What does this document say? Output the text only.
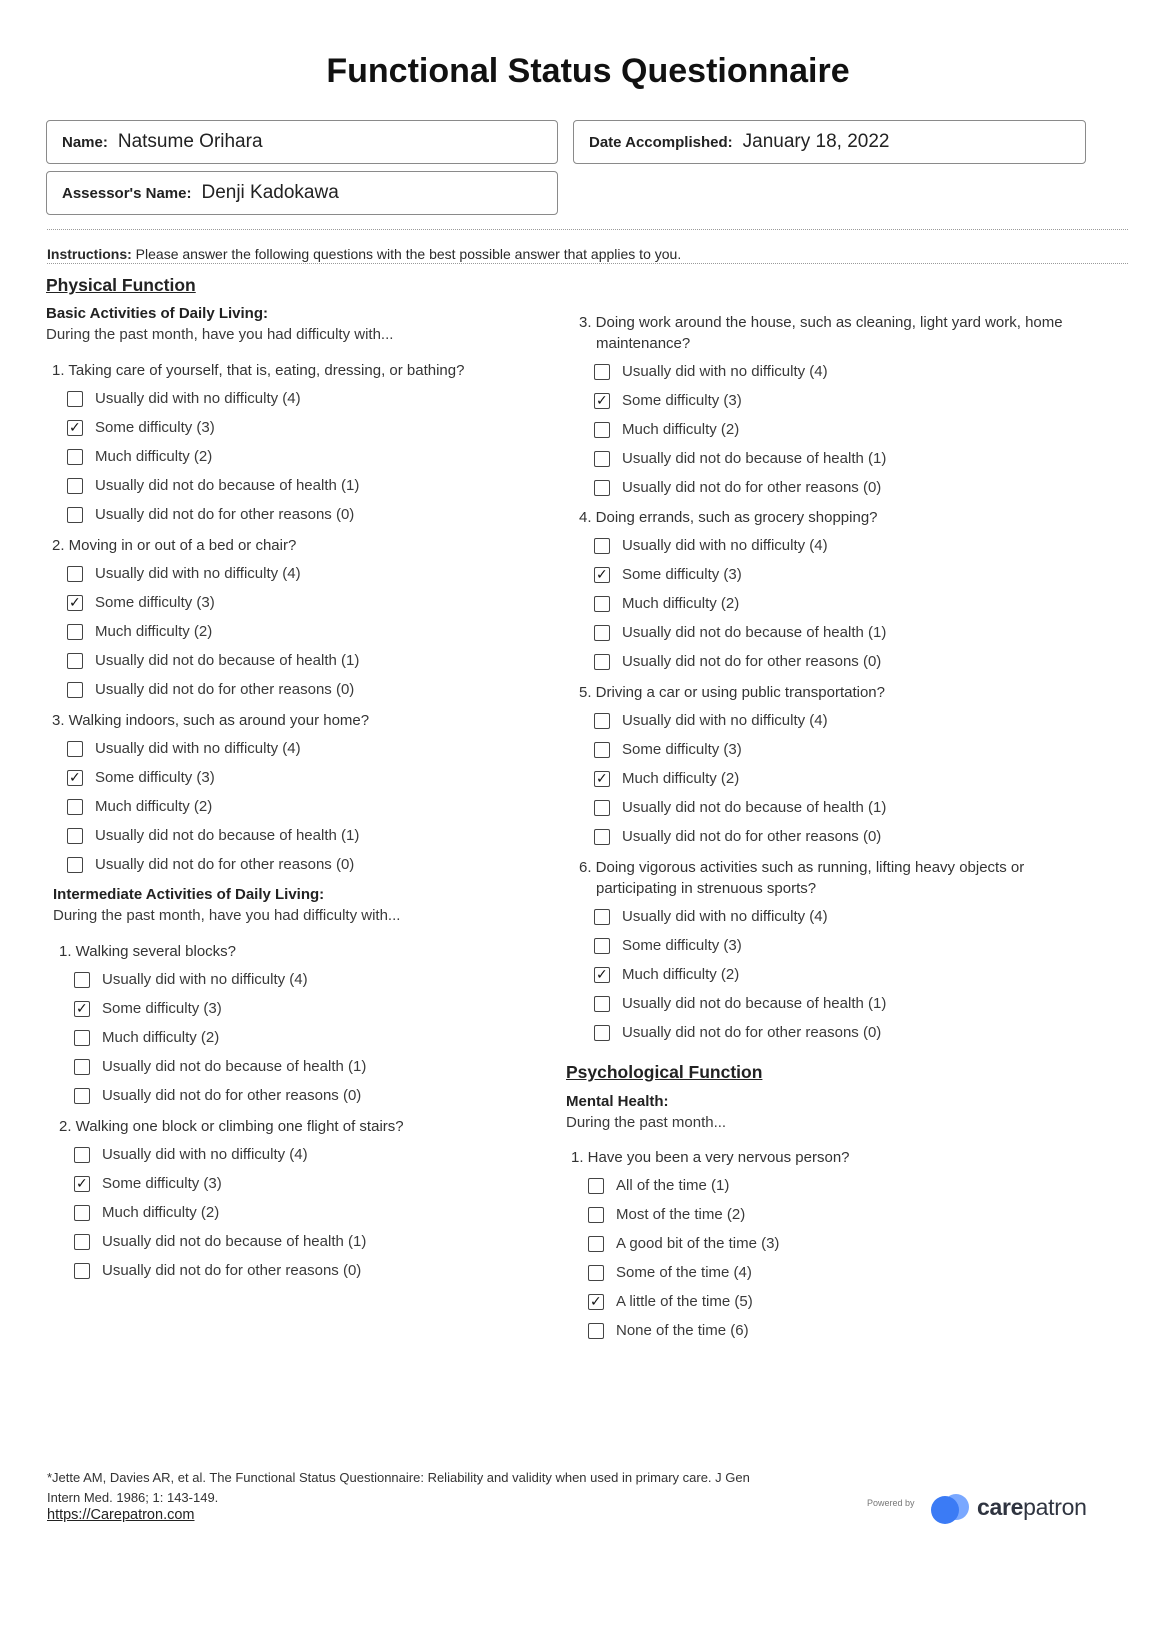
Functional Status Questionnaire
Name: Natsume Orihara	Date Accomplished: January 18, 2022
Assessor's Name: Denji Kadokawa
Instructions: Please answer the following questions with the best possible answer that applies to you.
Physical Function
Basic Activities of Daily Living:
During the past month, have you had difficulty with...
1. Taking care of yourself, that is, eating, dressing, or bathing?
Usually did with no difficulty (4)
✓
Some difficulty (3)
Much difficulty (2)
Usually did not do because of health (1)
Usually did not do for other reasons (0)
2. Moving in or out of a bed or chair?
Usually did with no difficulty (4)
✓
Some difficulty (3)
Much difficulty (2)
Usually did not do because of health (1)
Usually did not do for other reasons (0)
3. Walking indoors, such as around your home?
Usually did with no difficulty (4)
✓
Some difficulty (3)
Much difficulty (2)
Usually did not do because of health (1)
Usually did not do for other reasons (0)
Intermediate Activities of Daily Living:
During the past month, have you had difficulty with...
1. Walking several blocks?
Usually did with no difficulty (4)
✓
Some difficulty (3)
Much difficulty (2)
Usually did not do because of health (1)
Usually did not do for other reasons (0)
2. Walking one block or climbing one flight of stairs?
Usually did with no difficulty (4)
✓
Some difficulty (3)
Much difficulty (2)
Usually did not do because of health (1)
Usually did not do for other reasons (0)
3. Doing work around the house, such as cleaning, light yard work, home maintenance?
Usually did with no difficulty (4)
✓
Some difficulty (3)
Much difficulty (2)
Usually did not do because of health (1)
Usually did not do for other reasons (0)
4. Doing errands, such as grocery shopping?
Usually did with no difficulty (4)
✓
Some difficulty (3)
Much difficulty (2)
Usually did not do because of health (1)
Usually did not do for other reasons (0)
5. Driving a car or using public transportation?
Usually did with no difficulty (4)
Some difficulty (3)
✓
Much difficulty (2)
Usually did not do because of health (1)
Usually did not do for other reasons (0)
6. Doing vigorous activities such as running, lifting heavy objects or participating in strenuous sports?
Usually did with no difficulty (4)
Some difficulty (3)
✓
Much difficulty (2)
Usually did not do because of health (1)
Usually did not do for other reasons (0)
Psychological Function
Mental Health:
During the past month...
1. Have you been a very nervous person?
All of the time (1)
Most of the time (2)
A good bit of the time (3)
Some of the time (4)
✓
A little of the time (5)
None of the time (6)
*Jette AM, Davies AR, et al. The Functional Status Questionnaire: Reliability and validity when used in primary care. J Gen
Intern Med. 1986; 1: 143-149.
https://Carepatron.com
Powered by	carepatron
